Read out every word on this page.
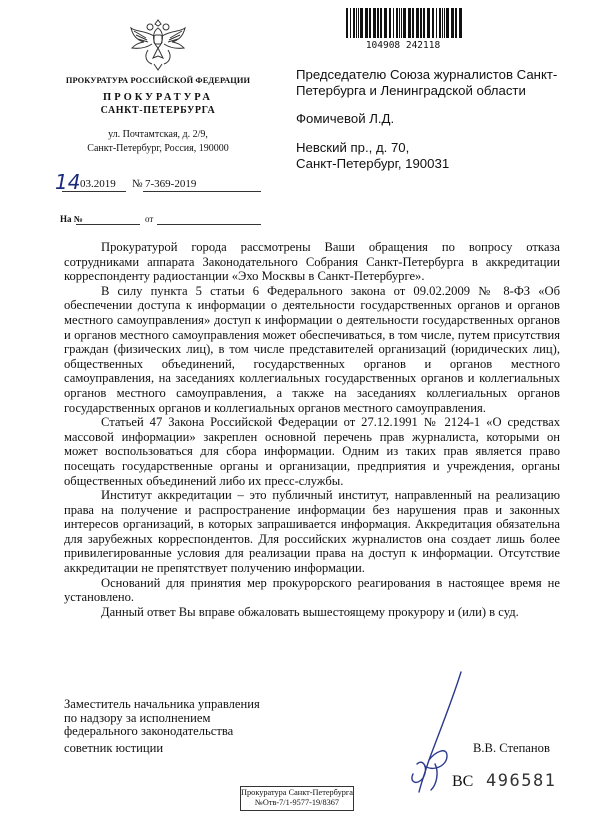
ПРОКУРАТУРА РОССИЙСКОЙ ФЕДЕРАЦИИ
ПРОКУРАТУРА
САНКТ-ПЕТЕРБУРГА
ул. Почтамтская, д. 2/9,
Санкт-Петербург, Россия, 190000
14 03.2019 № 7-369-2019
На №	от
104908 242118
Председателю Союза журналистов Санкт-
Петербурга и Ленинградской области
Фомичевой Л.Д.
Невский пр., д. 70,
Санкт-Петербург, 190031

Прокуратурой города рассмотрены Ваши обращения по вопросу отказа сотрудниками аппарата Законодательного Собрания Санкт-Петербурга в аккредитации корреспонденту радиостанции «Эхо Москвы в Санкт-Петербурге».

В силу пункта 5 статьи 6 Федерального закона от 09.02.2009 № 8-ФЗ «Об обеспечении доступа к информации о деятельности государственных органов и органов местного самоуправления» доступ к информации о деятельности государственных органов и органов местного самоуправления может обеспечиваться, в том числе, путем присутствия граждан (физических лиц), в том числе представителей организаций (юридических лиц), общественных объединений, государственных органов и органов местного самоуправления, на заседаниях коллегиальных государственных органов и коллегиальных органов местного самоуправления, а также на заседаниях коллегиальных органов государственных органов и коллегиальных органов местного самоуправления.

Статьей 47 Закона Российской Федерации от 27.12.1991 № 2124-1 «О средствах массовой информации» закреплен основной перечень прав журналиста, которыми он может воспользоваться для сбора информации. Одним из таких прав является право посещать государственные органы и организации, предприятия и учреждения, органы общественных объединений либо их пресс-службы.

Институт аккредитации – это публичный институт, направленный на реализацию права на получение и распространение информации без нарушения прав и законных интересов организаций, в которых запрашивается информация. Аккредитация обязательна для зарубежных корреспондентов. Для российских журналистов она создает лишь более привилегированные условия для реализации права на доступ к информации. Отсутствие аккредитации не препятствует получению информации.

Оснований для принятия мер прокурорского реагирования в настоящее время не установлено.

Данный ответ Вы вправе обжаловать вышестоящему прокурору и (или) в суд.

Заместитель начальника управления
по надзору за исполнением
федерального законодательства
советник юстиции	В.В. Степанов
Прокуратура Санкт-Петербурга
№Отв-7/1-9577-19/8367
ВС 496581
